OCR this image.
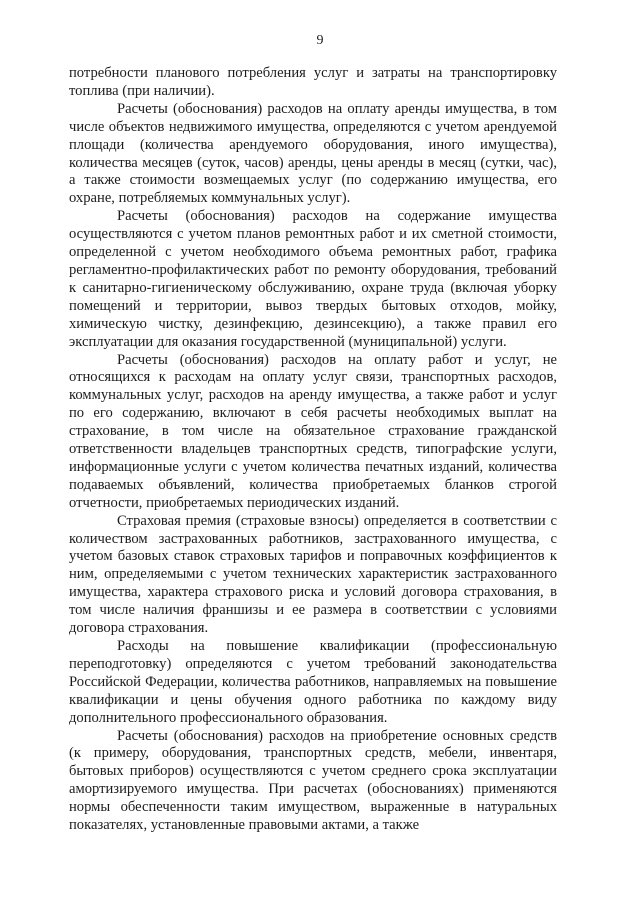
9

потребности планового потребления услуг и затраты на транспортировку топлива (при наличии).

Расчеты (обоснования) расходов на оплату аренды имущества, в том числе объектов недвижимого имущества, определяются с учетом арендуемой площади (количества арендуемого оборудования, иного имущества), количества месяцев (суток, часов) аренды, цены аренды в месяц (сутки, час), а также стоимости возмещаемых услуг (по содержанию имущества, его охране, потребляемых коммунальных услуг).

Расчеты (обоснования) расходов на содержание имущества осуществляются с учетом планов ремонтных работ и их сметной стоимости, определенной с учетом необходимого объема ремонтных работ, графика регламентно-профилактических работ по ремонту оборудования, требований к санитарно-гигиеническому обслуживанию, охране труда (включая уборку помещений и территории, вывоз твердых бытовых отходов, мойку, химическую чистку, дезинфекцию, дезинсекцию), а также правил его эксплуатации для оказания государственной (муниципальной) услуги.

Расчеты (обоснования) расходов на оплату работ и услуг, не относящихся к расходам на оплату услуг связи, транспортных расходов, коммунальных услуг, расходов на аренду имущества, а также работ и услуг по его содержанию, включают в себя расчеты необходимых выплат на страхование, в том числе на обязательное страхование гражданской ответственности владельцев транспортных средств, типографские услуги, информационные услуги с учетом количества печатных изданий, количества подаваемых объявлений, количества приобретаемых бланков строгой отчетности, приобретаемых периодических изданий.

Страховая премия (страховые взносы) определяется в соответствии с количеством застрахованных работников, застрахованного имущества, с учетом базовых ставок страховых тарифов и поправочных коэффициентов к ним, определяемыми с учетом технических характеристик застрахованного имущества, характера страхового риска и условий договора страхования, в том числе наличия франшизы и ее размера в соответствии с условиями договора страхования.

Расходы на повышение квалификации (профессиональную переподготовку) определяются с учетом требований законодательства Российской Федерации, количества работников, направляемых на повышение квалификации и цены обучения одного работника по каждому виду дополнительного профессионального образования.

Расчеты (обоснования) расходов на приобретение основных средств (к примеру, оборудования, транспортных средств, мебели, инвентаря, бытовых приборов) осуществляются с учетом среднего срока эксплуатации амортизируемого имущества. При расчетах (обоснованиях) применяются нормы обеспеченности таким имуществом, выраженные в натуральных показателях, установленные правовыми актами, а также
